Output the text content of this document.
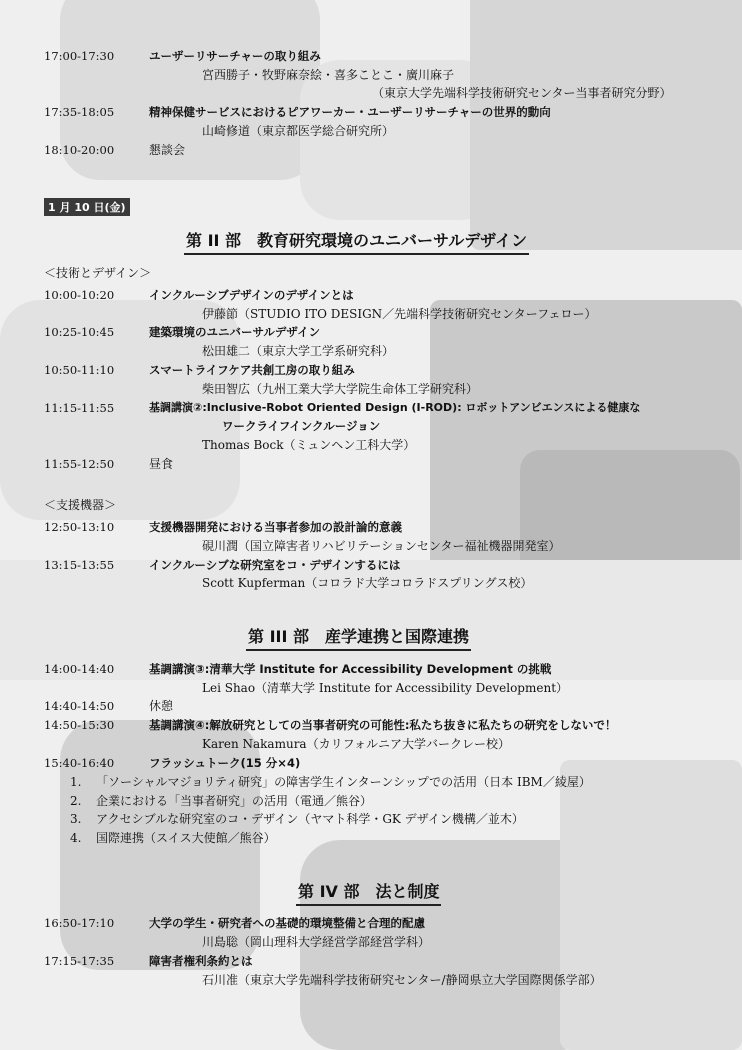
17:00-17:30	ユーザーリサーチャーの取り組み
宮西勝子・牧野麻奈絵・喜多ことこ・廣川麻子
（東京大学先端科学技術研究センター当事者研究分野）
17:35-18:05	精神保健サービスにおけるピアワーカー・ユーザーリサーチャーの世界的動向
山崎修道（東京都医学総合研究所）
18:10-20:00	懇談会
1 月 10 日(金)
第 II 部　教育研究環境のユニバーサルデザイン
＜技術とデザイン＞
10:00-10:20	インクルーシブデザインのデザインとは
伊藤節（STUDIO ITO DESIGN／先端科学技術研究センターフェロー）
10:25-10:45	建築環境のユニバーサルデザイン
松田雄二（東京大学工学系研究科）
10:50-11:10	スマートライフケア共創工房の取り組み
柴田智広（九州工業大学大学院生命体工学研究科）
11:15-11:55	基調講演②:Inclusive-Robot Oriented Design (I-ROD): ロボットアンビエンスによる健康な
ワークライフインクルージョン
Thomas Bock（ミュンヘン工科大学）
11:55-12:50	昼食
＜支援機器＞
12:50-13:10	支援機器開発における当事者参加の設計論的意義
硯川潤（国立障害者リハビリテーションセンター福祉機器開発室）
13:15-13:55	インクルーシブな研究室をコ・デザインするには
Scott Kupferman（コロラド大学コロラドスプリングス校）
第 III 部　産学連携と国際連携
14:00-14:40	基調講演③:清華大学 Institute for Accessibility Development の挑戦
Lei Shao（清華大学 Institute for Accessibility Development）
14:40-14:50	休憩
14:50-15:30	基調講演④:解放研究としての当事者研究の可能性:私たち抜きに私たちの研究をしないで！
Karen Nakamura（カリフォルニア大学バークレー校）
15:40-16:40	フラッシュトーク(15 分×4)
1. 「ソーシャルマジョリティ研究」の障害学生インターンシップでの活用（日本 IBM／綾屋）
2. 企業における「当事者研究」の活用（電通／熊谷）
3. アクセシブルな研究室のコ・デザイン（ヤマト科学・GK デザイン機構／並木）
4. 国際連携（スイス大使館／熊谷）
第 IV 部　法と制度
16:50-17:10	大学の学生・研究者への基礎的環境整備と合理的配慮
川島聡（岡山理科大学経営学部経営学科）
17:15-17:35	障害者権利条約とは
石川准（東京大学先端科学技術研究センター/静岡県立大学国際関係学部）
